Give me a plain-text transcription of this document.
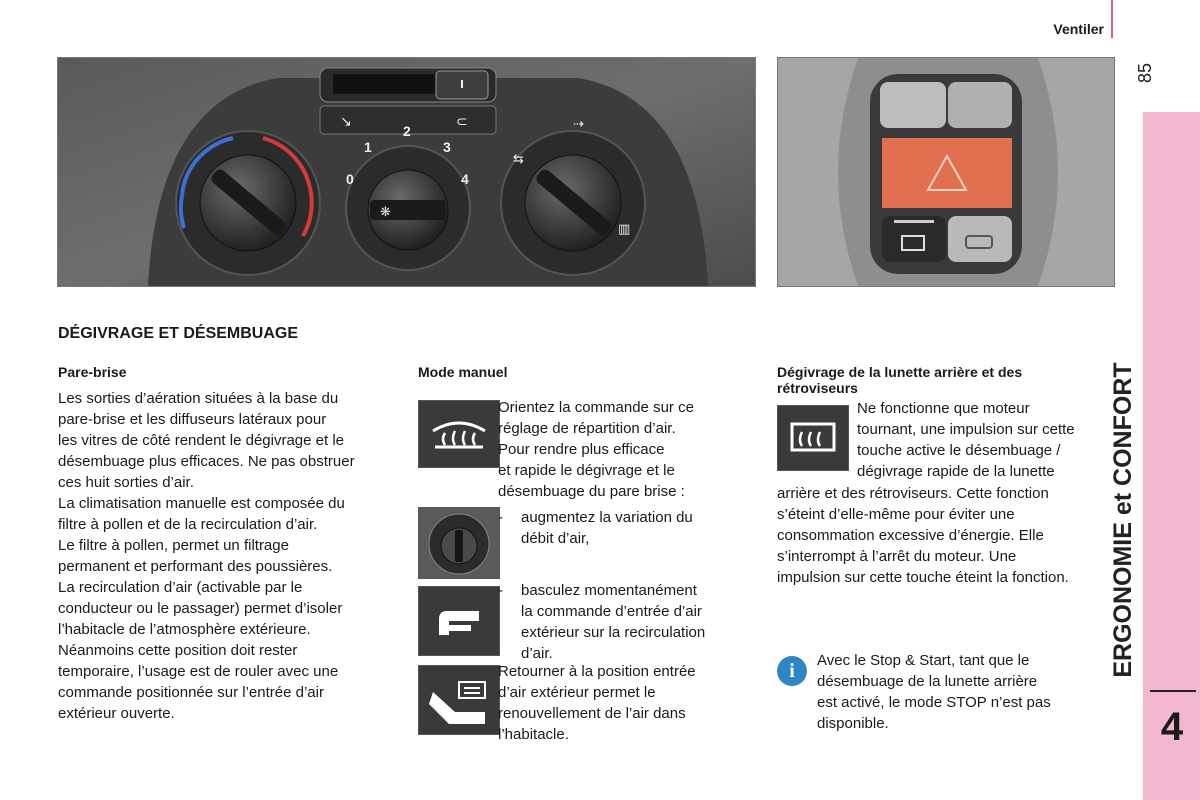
Ventiler
85
ERGONOMIE et CONFORT
4
↘	⊂
❋
0
1
2
3
4
⇆
⇢
▥
DÉGIVRAGE ET DÉSEMBUAGE
Pare-brise
Les sorties d’aération situées à la base du
pare-brise et les diffuseurs latéraux pour
les vitres de côté rendent le dégivrage et le
désembuage plus efficaces. Ne pas obstruer
ces huit sorties d’air.
La climatisation manuelle est composée du
filtre à pollen et de la recirculation d’air.
Le filtre à pollen, permet un filtrage
permanent et performant des poussières.
La recirculation d’air (activable par le
conducteur ou le passager) permet d’isoler
l’habitacle de l’atmosphère extérieure.
Néanmoins cette position doit rester
temporaire, l’usage est de rouler avec une
commande positionnée sur l’entrée d’air
extérieur ouverte.
Mode manuel
Orientez la commande sur ce
réglage de répartition d’air.
Pour rendre plus efficace
et rapide le dégivrage et le
désembuage du pare brise :
- augmentez la variation du
débit d’air,
- basculez momentanément
la commande d’entrée d’air
extérieur sur la recirculation
d’air.
Retourner à la position entrée
d’air extérieur permet le
renouvellement de l’air dans
l’habitacle.
Dégivrage de la lunette arrière et des
rétroviseurs
Ne fonctionne que moteur
tournant, une impulsion sur cette
touche active le désembuage /
dégivrage rapide de la lunette
arrière et des rétroviseurs. Cette fonction
s’éteint d’elle-même pour éviter une
consommation excessive d’énergie. Elle
s’interrompt à l’arrêt du moteur. Une
impulsion sur cette touche éteint la fonction.
i Avec le Stop & Start, tant que le
désembuage de la lunette arrière
est activé, le mode STOP n’est pas
disponible.
